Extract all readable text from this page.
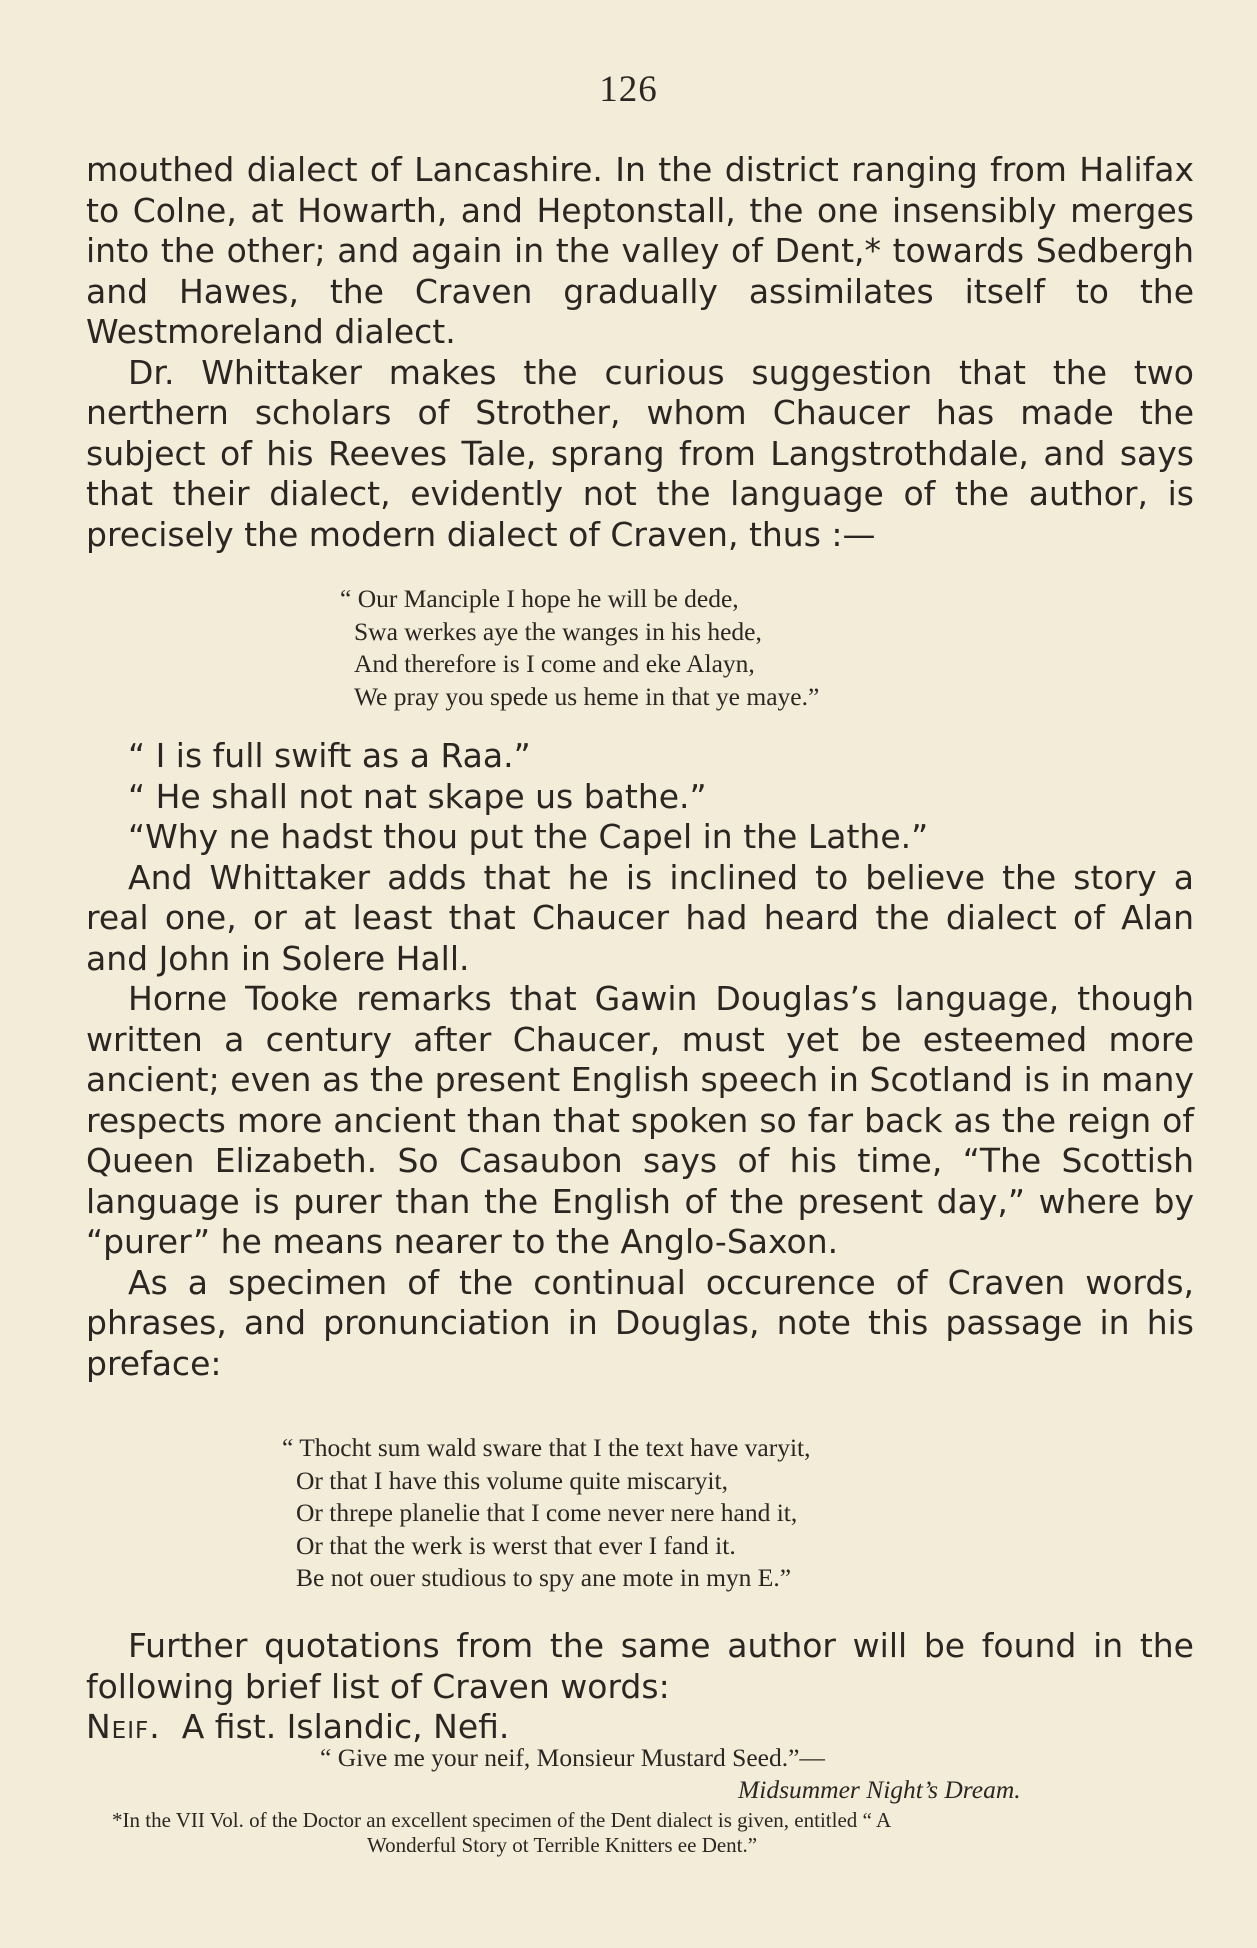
126

mouthed dialect of Lancashire. In the district ranging from Halifax to Colne, at Howarth, and Heptonstall, the one insensibly merges into the other; and again in the valley of Dent,* towards Sedbergh and Hawes, the Craven gradually assimilates itself to the Westmoreland dialect.

Dr. Whittaker makes the curious suggestion that the two nerthern scholars of Strother, whom Chaucer has made the subject of his Reeves Tale, sprang from Langstrothdale, and says that their dialect, evidently not the language of the author, is precisely the modern dialect of Craven, thus :—

“ Our Manciple I hope he will be dede,
Swa werkes aye the wanges in his hede,
And therefore is I come and eke Alayn,
We pray you spede us heme in that ye maye.”

“ I is full swift as a Raa.”

“ He shall not nat skape us bathe.”

“Why ne hadst thou put the Capel in the Lathe.”

And Whittaker adds that he is inclined to believe the story a real one, or at least that Chaucer had heard the dialect of Alan and John in Solere Hall.

Horne Tooke remarks that Gawin Douglas’s language, though written a century after Chaucer, must yet be esteemed more ancient; even as the present English speech in Scotland is in many respects more ancient than that spoken so far back as the reign of Queen Elizabeth. So Casaubon says of his time, “The Scottish language is purer than the English of the present day,” where by “purer” he means nearer to the Anglo-Saxon.

As a specimen of the continual occurence of Craven words, phrases, and pronunciation in Douglas, note this passage in his preface:

“ Thocht sum wald sware that I the text have varyit,
Or that I have this volume quite miscaryit,
Or threpe planelie that I come never nere hand it,
Or that the werk is werst that ever I fand it.
Be not ouer studious to spy ane mote in myn E.”

Further quotations from the same author will be found in the following brief list of Craven words:

Neif. A fist. Islandic, Nefi.

“ Give me your neif, Monsieur Mustard Seed.”—
Midsummer Night’s Dream.
*In the VII Vol. of the Doctor an excellent specimen of the Dent dialect is given, entitled “ A

Wonderful Story ot Terrible Knitters ee Dent.”
